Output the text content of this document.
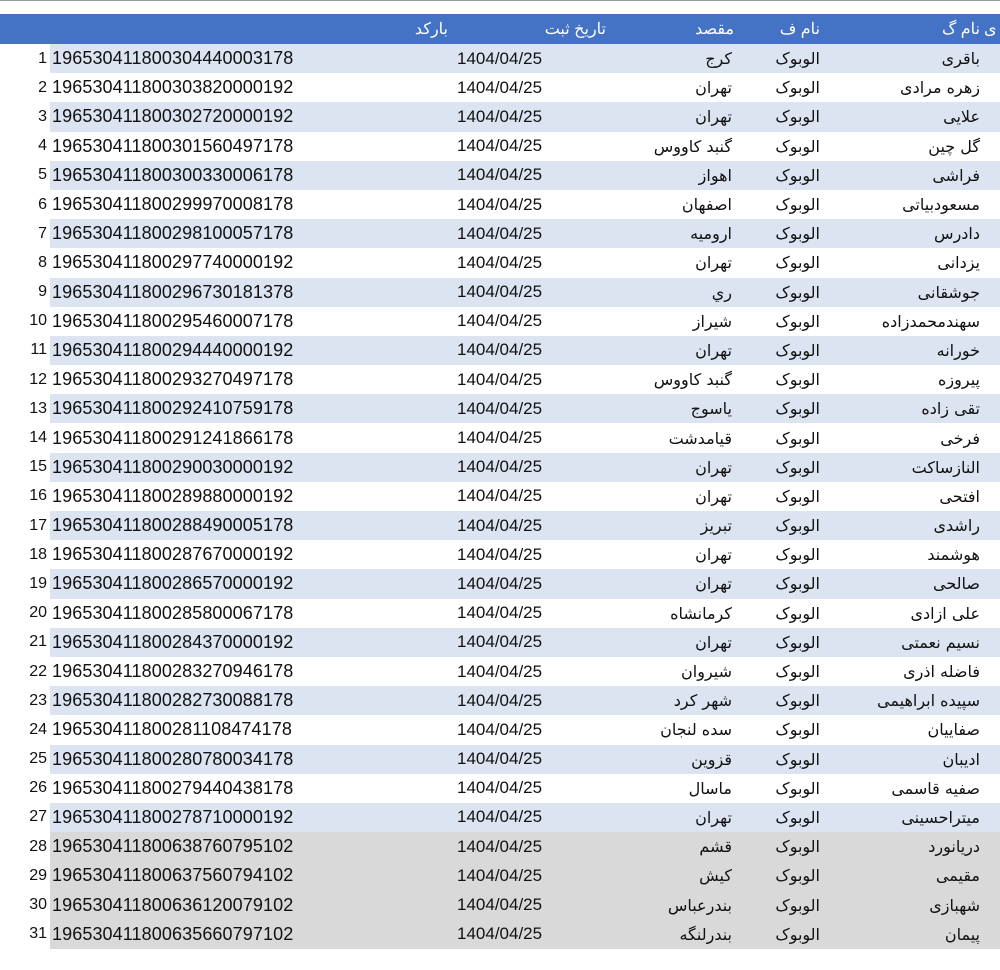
	بارکد	تاریخ ثبت	مقصد	نام ف	نام گ	ی
1	196530411800304440003178	1404/04/25	کرج	الوبوک	باقری	
2	196530411800303820000192	1404/04/25	تهران	الوبوک	زهره مرادی	
3	196530411800302720000192	1404/04/25	تهران	الوبوک	علایی	
4	196530411800301560497178	1404/04/25	گنبد کاووس	الوبوک	گل چین	
5	196530411800300330006178	1404/04/25	اهواز	الوبوک	فراشی	
6	196530411800299970008178	1404/04/25	اصفهان	الوبوک	مسعودبیاتی	
7	196530411800298100057178	1404/04/25	ارومیه	الوبوک	دادرس	
8	196530411800297740000192	1404/04/25	تهران	الوبوک	یزدانی	
9	196530411800296730181378	1404/04/25	ري	الوبوک	جوشقانی	
10	196530411800295460007178	1404/04/25	شیراز	الوبوک	سهندمحمدزاده	
11	196530411800294440000192	1404/04/25	تهران	الوبوک	خورانه	
12	196530411800293270497178	1404/04/25	گنبد کاووس	الوبوک	پیروزه	
13	196530411800292410759178	1404/04/25	یاسوج	الوبوک	تقی زاده	
14	196530411800291241866178	1404/04/25	قیامدشت	الوبوک	فرخی	
15	196530411800290030000192	1404/04/25	تهران	الوبوک	النازساکت	
16	196530411800289880000192	1404/04/25	تهران	الوبوک	افتحی	
17	196530411800288490005178	1404/04/25	تبریز	الوبوک	راشدی	
18	196530411800287670000192	1404/04/25	تهران	الوبوک	هوشمند	
19	196530411800286570000192	1404/04/25	تهران	الوبوک	صالحی	
20	196530411800285800067178	1404/04/25	کرمانشاه	الوبوک	علی ازادی	
21	196530411800284370000192	1404/04/25	تهران	الوبوک	نسیم نعمتی	
22	196530411800283270946178	1404/04/25	شیروان	الوبوک	فاضله اذری	
23	196530411800282730088178	1404/04/25	شهر کرد	الوبوک	سپیده ابراهیمی	
24	196530411800281108474178	1404/04/25	سده لنجان	الوبوک	صفاییان	
25	196530411800280780034178	1404/04/25	قزوین	الوبوک	ادیبان	
26	196530411800279440438178	1404/04/25	ماسال	الوبوک	صفیه قاسمی	
27	196530411800278710000192	1404/04/25	تهران	الوبوک	میتراحسینی	
28	196530411800638760795102	1404/04/25	قشم	الوبوک	دریانورد	
29	196530411800637560794102	1404/04/25	کیش	الوبوک	مقیمی	
30	196530411800636120079102	1404/04/25	بندرعباس	الوبوک	شهبازی	
31	196530411800635660797102	1404/04/25	بندرلنگه	الوبوک	پیمان	
